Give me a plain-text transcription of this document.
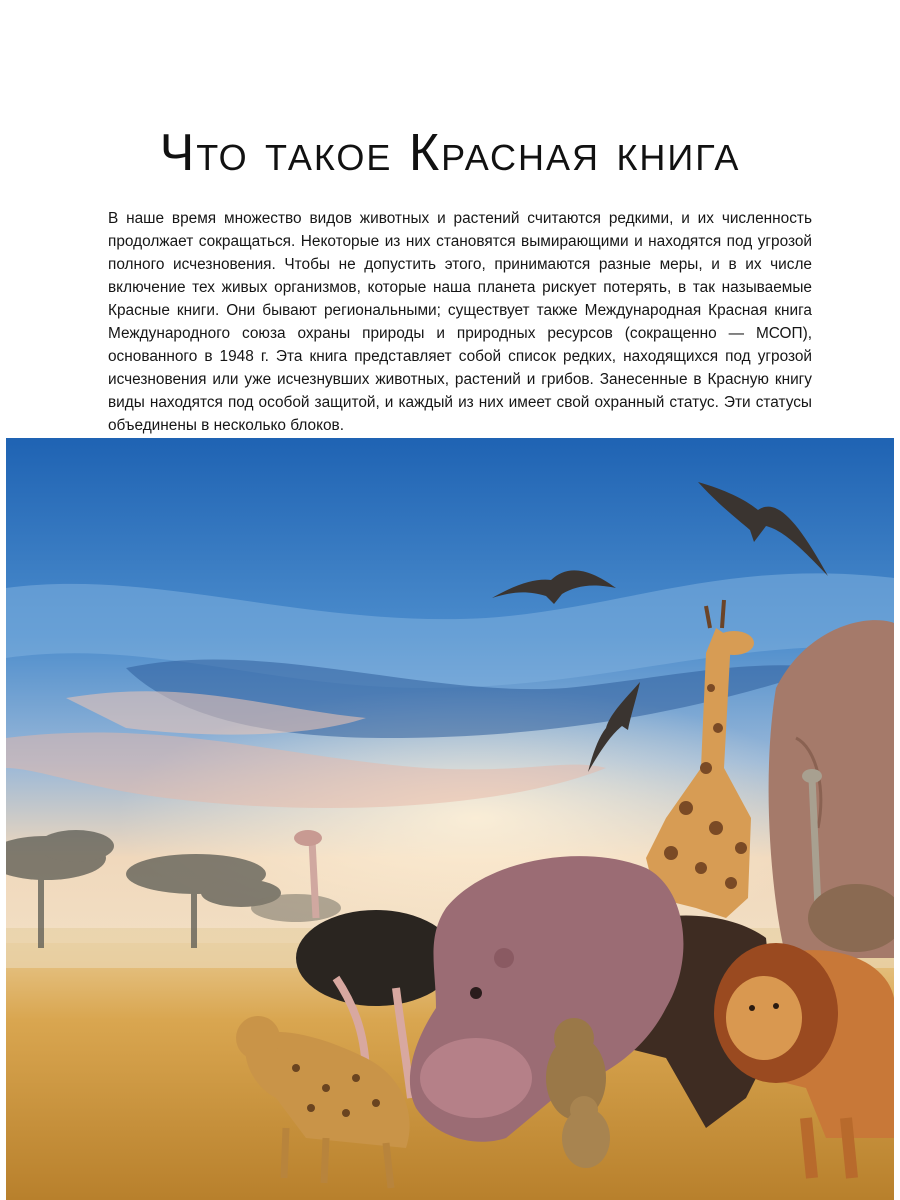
Что такое Красная книга

В наше время множество видов животных и растений считаются редкими, и их численность продолжает сокращаться. Некоторые из них становятся вымирающими и находятся под угрозой полного исчезновения. Чтобы не допустить этого, принимаются разные меры, и в их числе включение тех живых организмов, которые наша планета рискует потерять, в так называемые Красные книги. Они бывают региональными; существует также Международная Красная книга Международного союза охраны природы и природных ресурсов (сокращенно — МСОП), основанного в 1948 г. Эта книга представляет собой список редких, находящихся под угрозой исчезновения или уже исчезнувших животных, растений и грибов. Занесенные в Красную книгу виды находятся под особой защитой, и каждый из них имеет свой охранный статус. Эти статусы объединены в несколько блоков.
